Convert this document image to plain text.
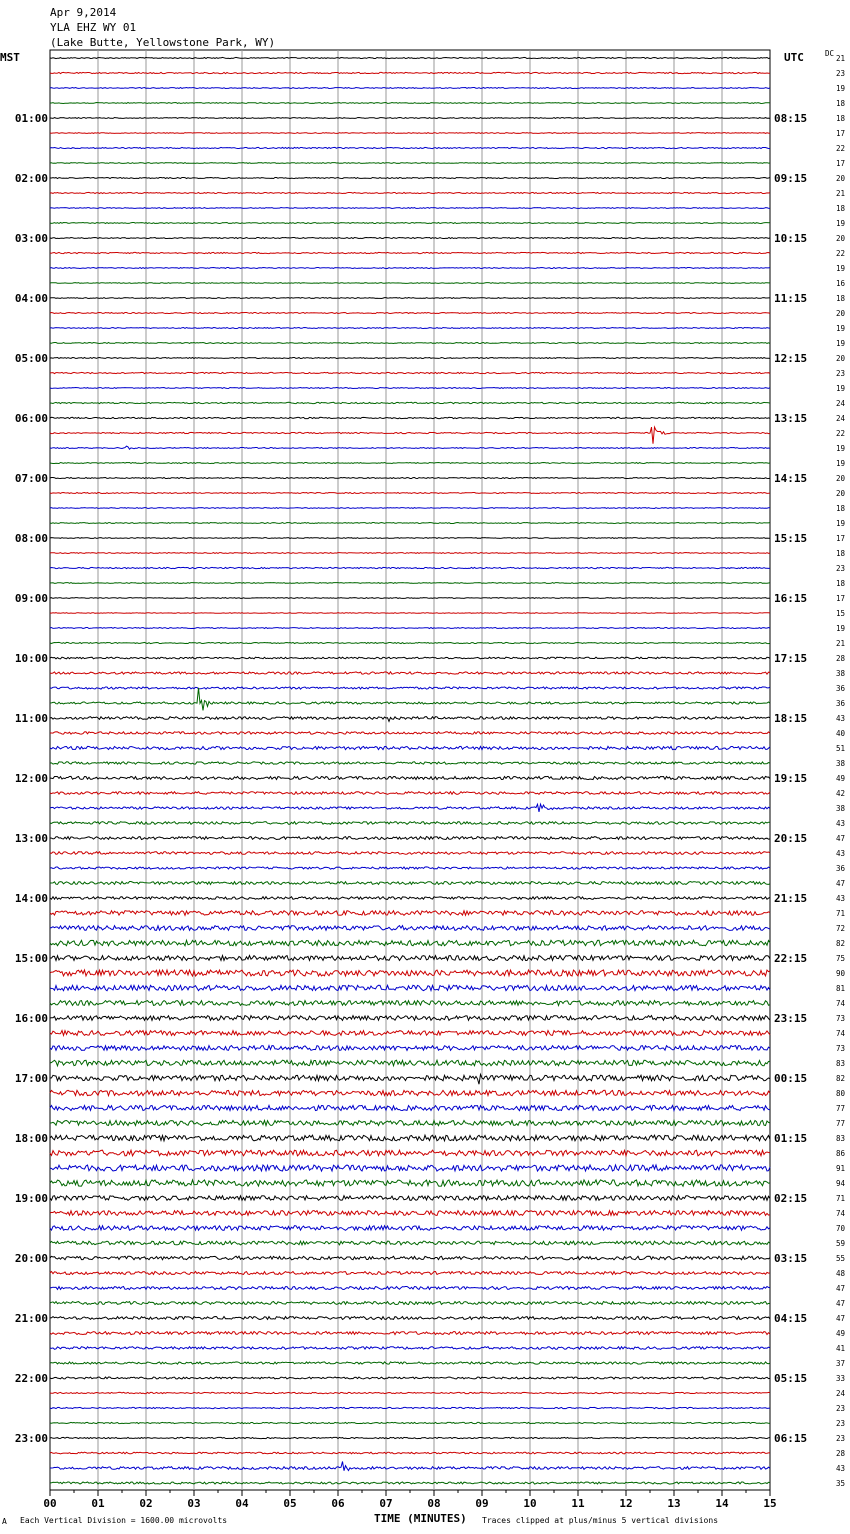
Apr 9,2014
YLA EHZ WY 01
(Lake Butte, Yellowstone Park, WY)
MST	UTC	DC
01:00
02:00
03:00
04:00
05:00
06:00
07:00
08:00
09:00
10:00
11:00
12:00
13:00
14:00
15:00
16:00
17:00
18:00
19:00
20:00
21:00
22:00
23:00
08:15
09:15
10:15
11:15
12:15
13:15
14:15
15:15
16:15
17:15
18:15
19:15
20:15
21:15
22:15
23:15
00:15
01:15
02:15
03:15
04:15
05:15
06:15
21
23
19
18
18
17
22
17
20
21
18
19
20
22
19
16
18
20
19
19
20
23
19
24
24
22
19
19
20
20
18
19
17
18
23
18
17
15
19
21
28
38
36
36
43
40
51
38
49
42
38
43
47
43
36
47
43
71
72
82
75
90
81
74
73
74
73
83
82
80
77
77
83
86
91
94
71
74
70
59
55
48
47
47
47
49
41
37
33
24
23
23
23
28
43
35
00	01	02	03	04	05	06	07	08	09	10	11	12	13	14	15
A Each Vertical Division = 1600.00 microvolts	TIME (MINUTES) Traces clipped at plus/minus 5 vertical divisions
